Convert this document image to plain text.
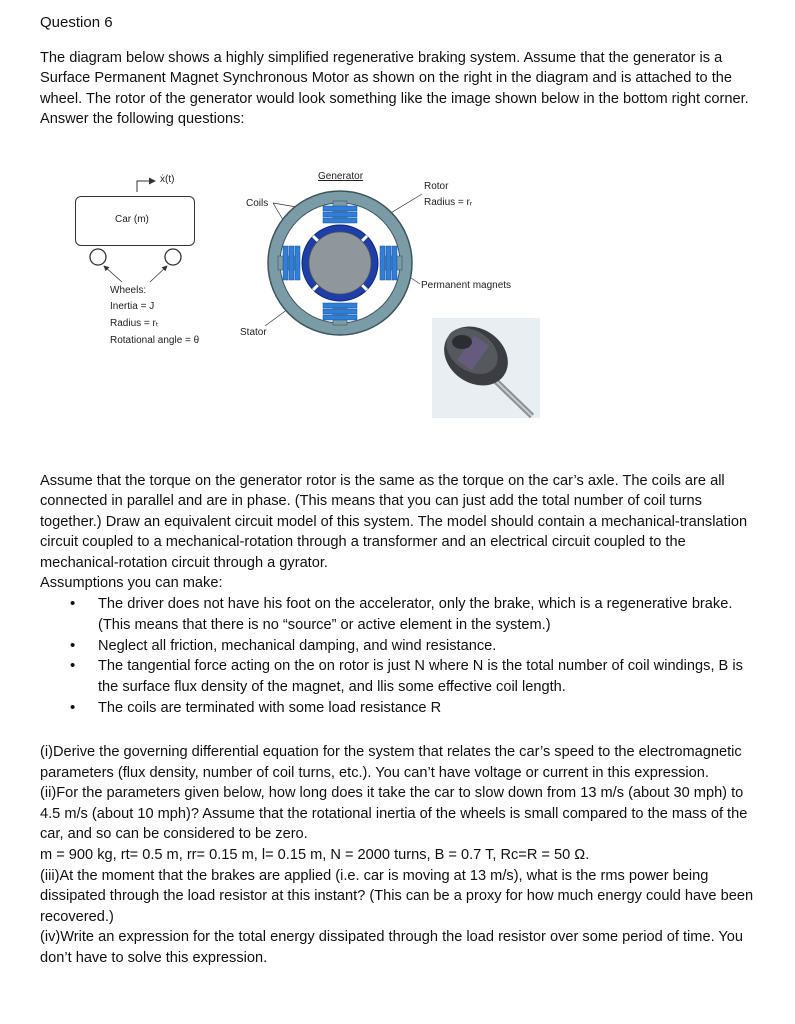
Question 6

The diagram below shows a highly simplified regenerative braking system. Assume that the generator is a Surface Permanent Magnet Synchronous Motor as shown on the right in the diagram and is attached to the wheel. The rotor of the generator would look something like the image shown below in the bottom right corner. Answer the following questions:

Car (m)
ẋ(t)
Wheels:
Inertia = J
Radius = rₜ
Rotational angle = θ
Coils
Generator
Rotor
Radius = rᵣ
Permanent magnets
Stator

Assume that the torque on the generator rotor is the same as the torque on the car’s axle. The coils are all connected in parallel and are in phase. (This means that you can just add the total number of coil turns together.) Draw an equivalent circuit model of this system. The model should contain a mechanical-translation circuit coupled to a mechanical-rotation through a transformer and an electrical circuit coupled to the mechanical-rotation circuit through a gyrator.

Assumptions you can make:
• The driver does not have his foot on the accelerator, only the brake, which is a regenerative brake. (This means that there is no “source” or active element in the system.)
• Neglect all friction, mechanical damping, and wind resistance.
• The tangential force acting on the on rotor is just N where N is the total number of coil windings, B is the surface flux density of the magnet, and llis some effective coil length.
• The coils are terminated with some load resistance R

(i)Derive the governing differential equation for the system that relates the car’s speed to the electromagnetic parameters (flux density, number of coil turns, etc.). You can’t have voltage or current in this expression.

(ii)For the parameters given below, how long does it take the car to slow down from 13 m/s (about 30 mph) to 4.5 m/s (about 10 mph)? Assume that the rotational inertia of the wheels is small compared to the mass of the car, and so can be considered to be zero.

m = 900 kg, rt= 0.5 m, rr= 0.15 m, l= 0.15 m, N = 2000 turns, B = 0.7 T, Rc=R = 50 Ω.

(iii)At the moment that the brakes are applied (i.e. car is moving at 13 m/s), what is the rms power being dissipated through the load resistor at this instant? (This can be a proxy for how much energy could have been recovered.)

(iv)Write an expression for the total energy dissipated through the load resistor over some period of time. You don’t have to solve this expression.
